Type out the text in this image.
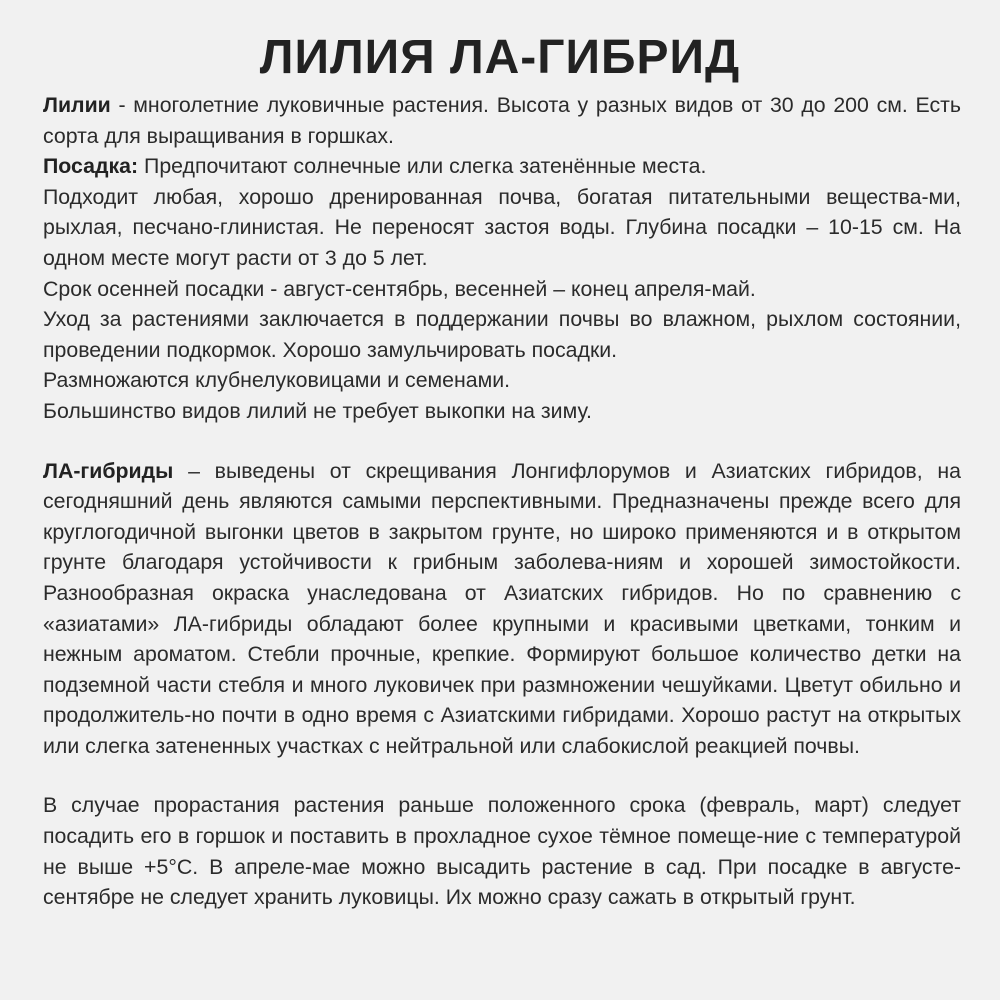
ЛИЛИЯ ЛА-ГИБРИД

Лилии - многолетние луковичные растения. Высота у разных видов от 30 до 200 см. Есть сорта для выращивания в горшках.

Посадка: Предпочитают солнечные или слегка затенённые места.

Подходит любая, хорошо дренированная почва, богатая питательными вещества-ми, рыхлая, песчано-глинистая. Не переносят застоя воды. Глубина посадки – 10-15 см. На одном месте могут расти от 3 до 5 лет.

Срок осенней посадки - август-сентябрь, весенней – конец апреля-май.

Уход за растениями заключается в поддержании почвы во влажном, рыхлом состоянии, проведении подкормок. Хорошо замульчировать посадки.

Размножаются клубнелуковицами и семенами.

Большинство видов лилий не требует выкопки на зиму.

ЛА-гибриды – выведены от скрещивания Лонгифлорумов и Азиатских гибридов, на сегодняшний день являются самыми перспективными. Предназначены прежде всего для круглогодичной выгонки цветов в закрытом грунте, но широко применяются и в открытом грунте благодаря устойчивости к грибным заболева-ниям и хорошей зимостойкости. Разнообразная окраска унаследована от Азиатских гибридов. Но по сравнению с «азиатами» ЛА-гибриды обладают более крупными и красивыми цветками, тонким и нежным ароматом. Стебли прочные, крепкие. Формируют большое количество детки на подземной части стебля и много луковичек при размножении чешуйками. Цветут обильно и продолжитель-но почти в одно время с Азиатскими гибридами. Хорошо растут на открытых или слегка затененных участках с нейтральной или слабокислой реакцией почвы.

В случае прорастания растения раньше положенного срока (февраль, март) следует посадить его в горшок и поставить в прохладное сухое тёмное помеще-ние с температурой не выше +5°С. В апреле-мае можно высадить растение в сад. При посадке в августе-сентябре не следует хранить луковицы. Их можно сразу сажать в открытый грунт.
